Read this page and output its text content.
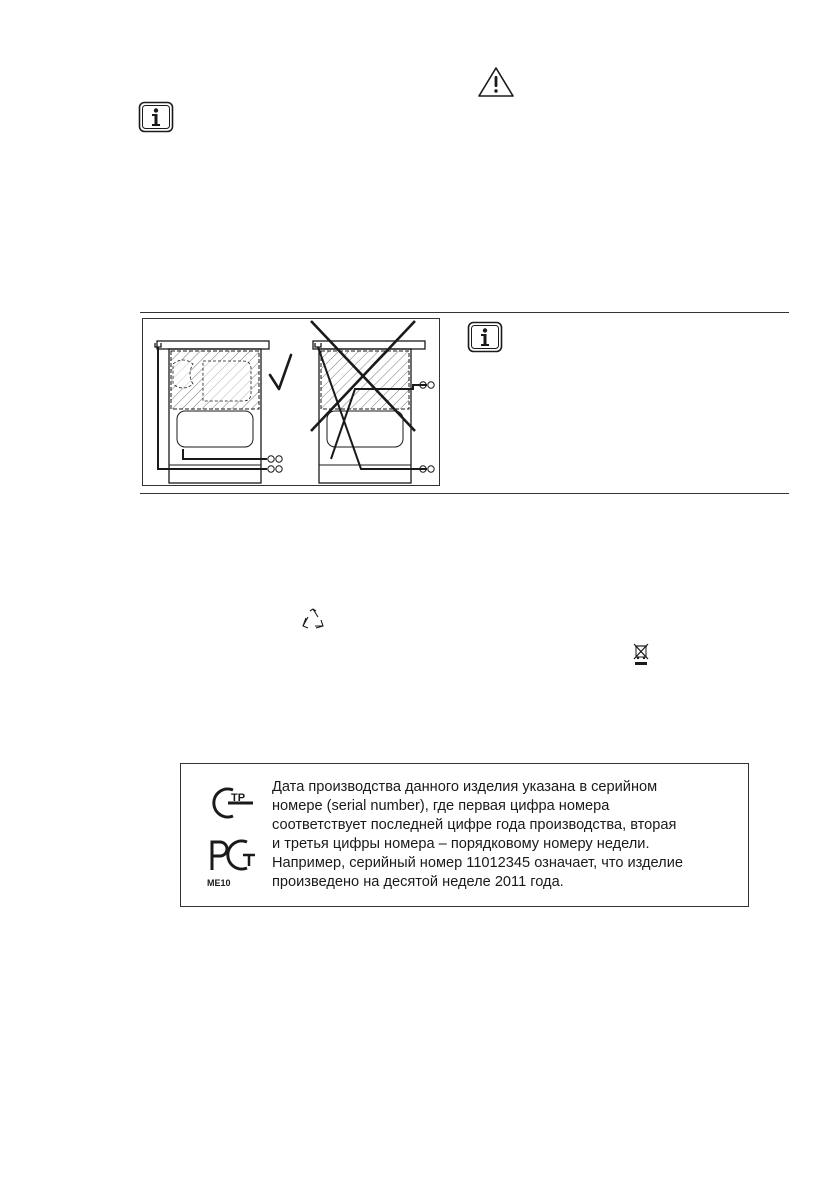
ТР
ME10
Дата производства данного изделия указана в серийном
номере (serial number), где первая цифра номера
соответствует последней цифре года производства, вторая
и третья цифры номера – порядковому номеру недели.
Например, серийный номер 11012345 означает, что изделие
произведено на десятой неделе 2011 года.
